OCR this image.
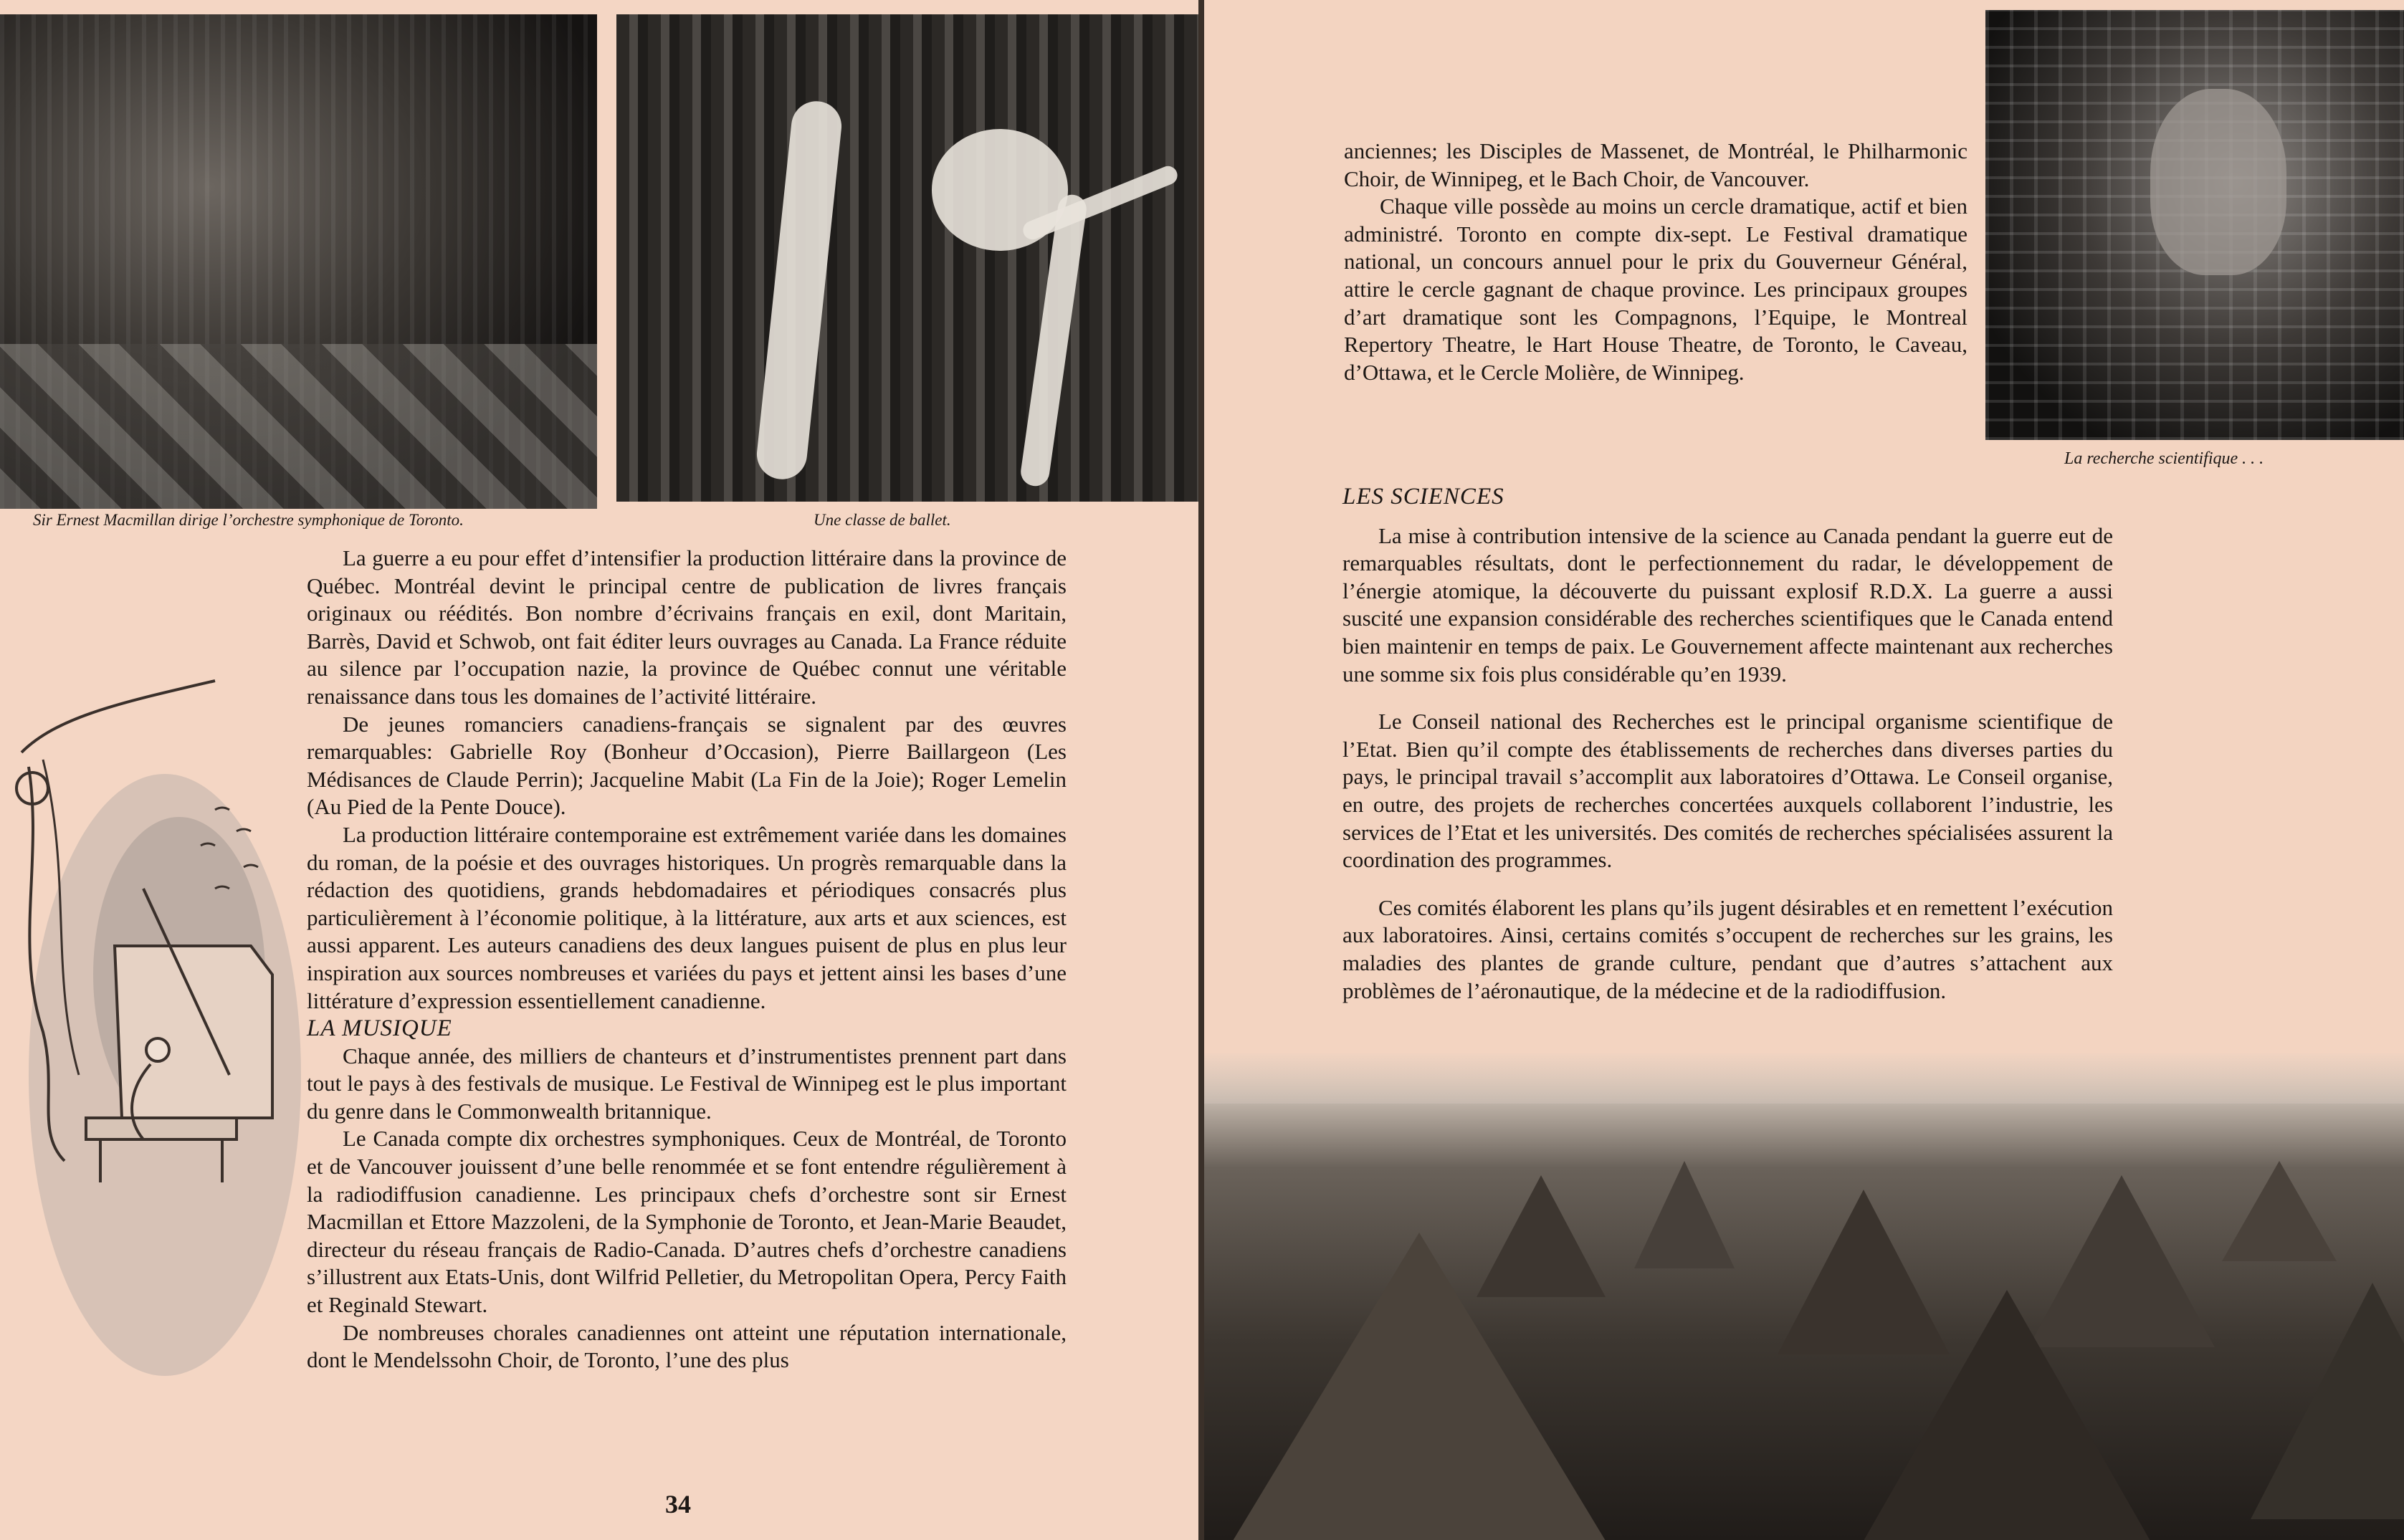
Sir Ernest Macmillan dirige l’orchestre symphonique de Toronto.	Une classe de ballet.

La guerre a eu pour effet d’intensifier la production littéraire dans la province de Québec. Montréal devint le principal centre de publication de livres français originaux ou réédités. Bon nombre d’écrivains français en exil, dont Maritain, Barrès, David et Schwob, ont fait éditer leurs ouvrages au Canada. La France réduite au silence par l’occupation nazie, la province de Québec connut une véritable renaissance dans tous les domaines de l’activité littéraire.

De jeunes romanciers canadiens-français se signalent par des œuvres remarquables: Gabrielle Roy (Bonheur d’Occasion), Pierre Baillargeon (Les Médisances de Claude Perrin); Jacqueline Mabit (La Fin de la Joie); Roger Lemelin (Au Pied de la Pente Douce).

La production littéraire contemporaine est extrêmement variée dans les domaines du roman, de la poésie et des ouvrages historiques. Un progrès remarquable dans la rédaction des quotidiens, grands hebdomadaires et périodiques consacrés plus particulièrement à l’économie politique, à la littérature, aux arts et aux sciences, est aussi apparent. Les auteurs canadiens des deux langues puisent de plus en plus leur inspiration aux sources nombreuses et variées du pays et jettent ainsi les bases d’une littérature d’expression essentiellement canadienne.

LA MUSIQUE

Chaque année, des milliers de chanteurs et d’instrumentistes prennent part dans tout le pays à des festivals de musique. Le Festival de Winnipeg est le plus important du genre dans le Commonwealth britannique.

Le Canada compte dix orchestres symphoniques. Ceux de Montréal, de Toronto et de Vancouver jouissent d’une belle renommée et se font entendre régulièrement à la radiodiffusion canadienne. Les principaux chefs d’orchestre sont sir Ernest Macmillan et Ettore Mazzoleni, de la Symphonie de Toronto, et Jean-Marie Beaudet, directeur du réseau français de Radio-Canada. D’autres chefs d’orchestre canadiens s’illustrent aux Etats-Unis, dont Wilfrid Pelletier, du Metropolitan Opera, Percy Faith et Reginald Stewart.

De nombreuses chorales canadiennes ont atteint une réputation internationale, dont le Mendelssohn Choir, de Toronto, l’une des plus

34

anciennes; les Disciples de Massenet, de Montréal, le Philharmonic Choir, de Winnipeg, et le Bach Choir, de Vancouver.

Chaque ville possède au moins un cercle dramatique, actif et bien administré. Toronto en compte dix-sept. Le Festival dramatique national, un concours annuel pour le prix du Gouverneur Général, attire le cercle gagnant de chaque province. Les principaux groupes d’art dramatique sont les Compagnons, l’Equipe, le Montreal Repertory Theatre, le Hart House Theatre, de Toronto, le Caveau, d’Ottawa, et le Cercle Molière, de Winnipeg.

La recherche scientifique . . .
LES SCIENCES

La mise à contribution intensive de la science au Canada pendant la guerre eut de remarquables résultats, dont le perfectionnement du radar, le développement de l’énergie atomique, la découverte du puissant explosif R.D.X. La guerre a aussi suscité une expansion considérable des recherches scientifiques que le Canada entend bien maintenir en temps de paix. Le Gouvernement affecte maintenant aux recherches une somme six fois plus considérable qu’en 1939.

Le Conseil national des Recherches est le principal organisme scientifique de l’Etat. Bien qu’il compte des établissements de recherches dans diverses parties du pays, le principal travail s’accomplit aux laboratoires d’Ottawa. Le Conseil organise, en outre, des projets de recherches concertées auxquels collaborent l’industrie, les services de l’Etat et les universités. Des comités de recherches spécialisées assurent la coordination des programmes.

Ces comités élaborent les plans qu’ils jugent désirables et en remettent l’exécution aux laboratoires. Ainsi, certains comités s’occupent de recherches sur les grains, les maladies des plantes de grande culture, pendant que d’autres s’attachent aux problèmes de l’aéronautique, de la médecine et de la radiodiffusion.
